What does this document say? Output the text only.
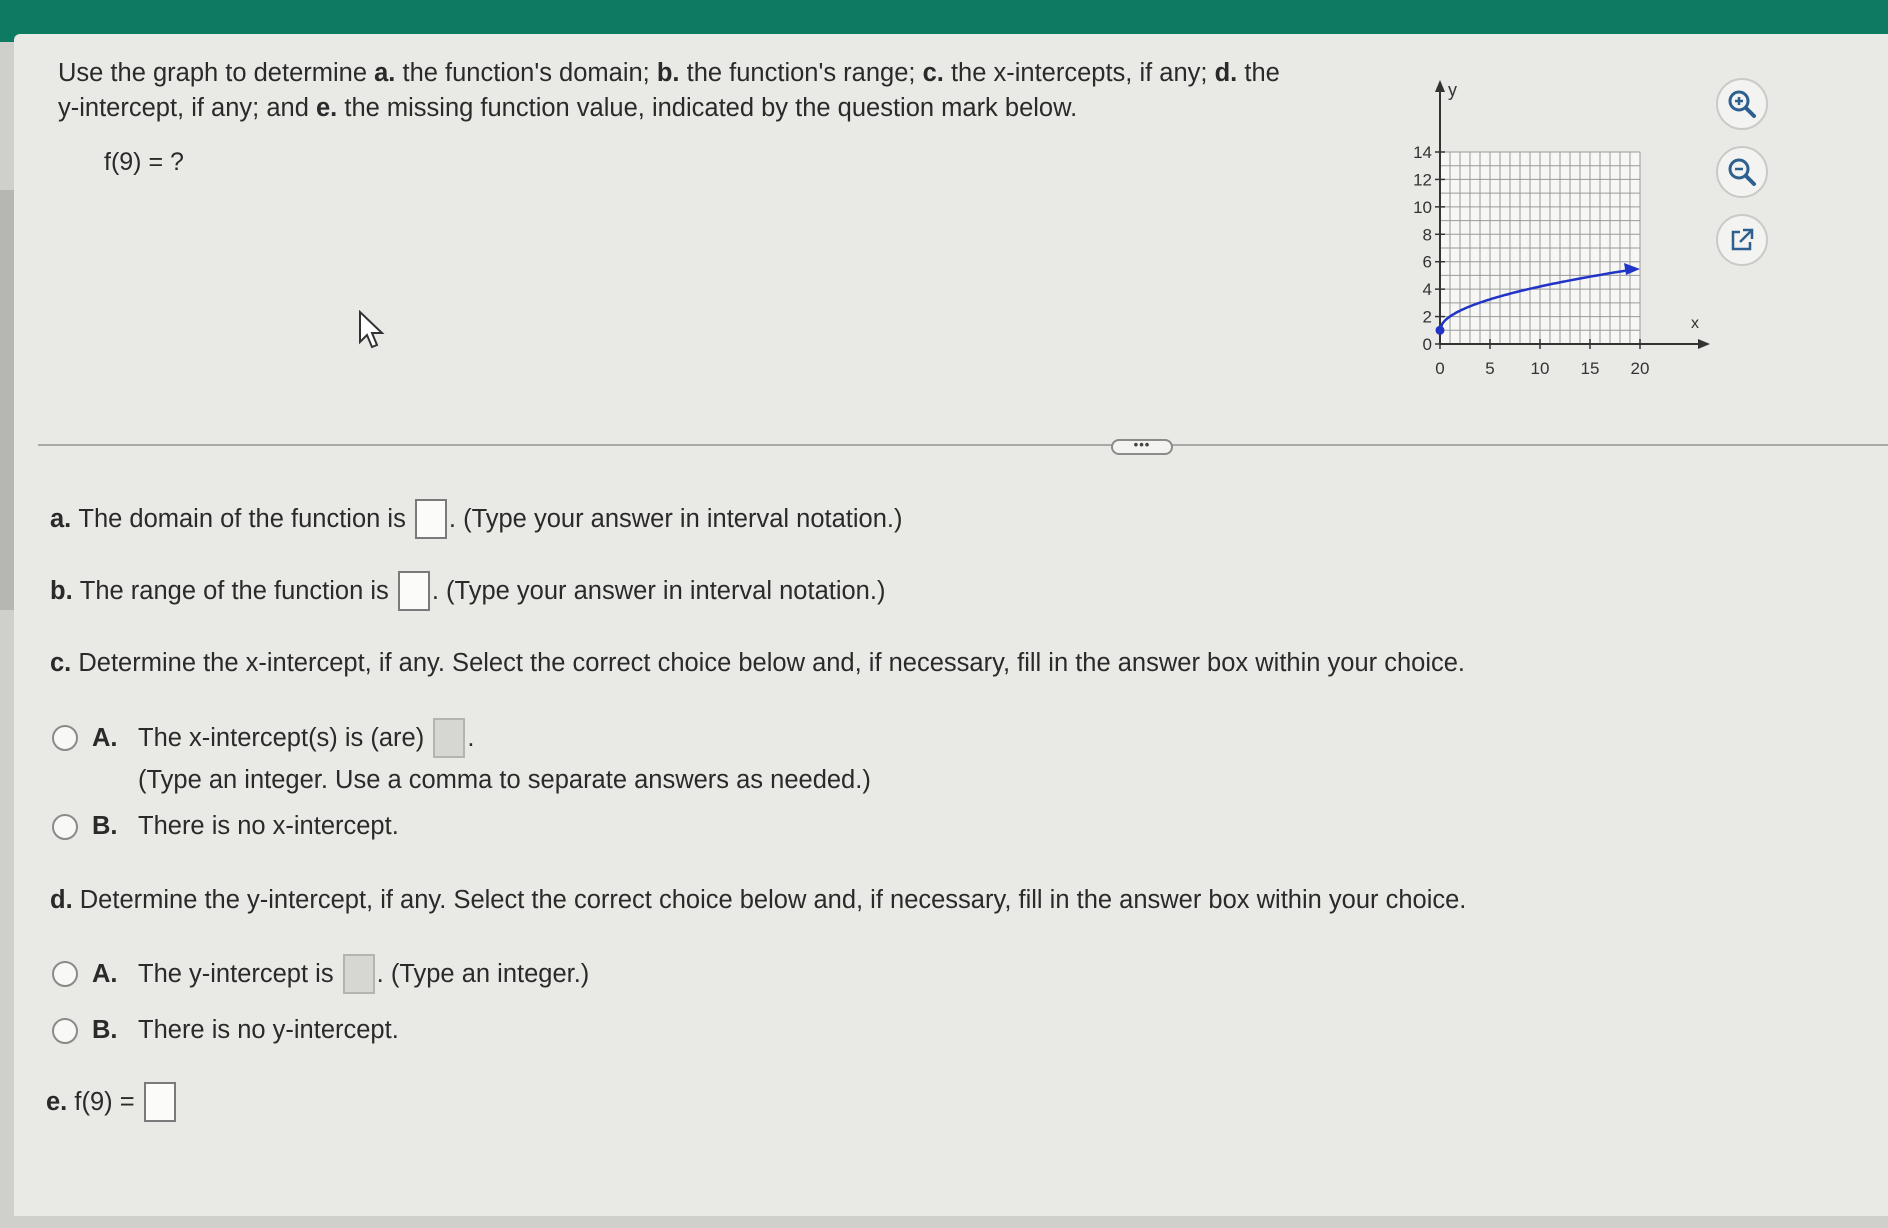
Use the graph to determine a. the function's domain; b. the function's range; c. the x-intercepts, if any; d. the
y-intercept, if any; and e. the missing function value, indicated by the question mark below.
f(9) = ?
y
x
14
12
10
8
6
4
2
0
0 5 10 15 20
•••
a.
The domain of the function is
. (Type your answer in interval notation.)
b.
The range of the function is
. (Type your answer in interval notation.)
c.
Determine the x-intercept, if any. Select the correct choice below and, if necessary, fill in the answer box within your choice.
A. The x-intercept(s) is (are)
.
(Type an integer. Use a comma to separate answers as needed.)
B. There is no x-intercept.
d.
Determine the y-intercept, if any. Select the correct choice below and, if necessary, fill in the answer box within your choice.
A. The y-intercept is
. (Type an integer.)
B. There is no y-intercept.
e.
f(9) =
